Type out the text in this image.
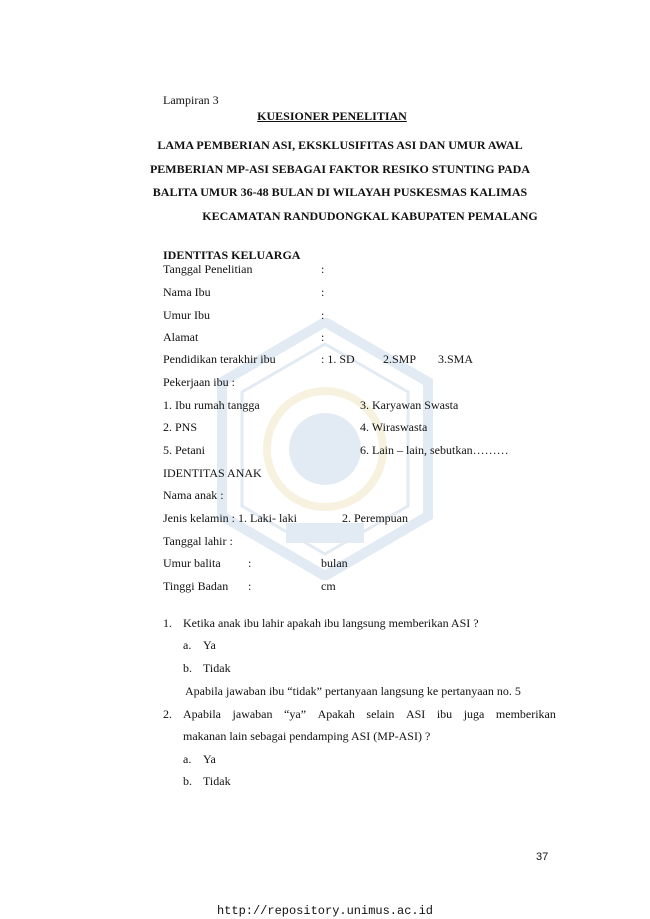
Lampiran 3
KUESIONER PENELITIAN
LAMA PEMBERIAN ASI, EKSKLUSIFITAS ASI DAN UMUR AWAL
PEMBERIAN MP-ASI SEBAGAI FAKTOR RESIKO STUNTING PADA
BALITA UMUR 36-48 BULAN DI WILAYAH PUSKESMAS KALIMAS
KECAMATAN RANDUDONGKAL KABUPATEN PEMALANG
IDENTITAS KELUARGA
Tanggal Penelitian	:
Nama Ibu	:
Umur Ibu	:
Alamat	:
Pendidikan terakhir ibu	: 1. SD 2.SMP 3.SMA
Pekerjaan ibu :
1. Ibu rumah tangga	3. Karyawan Swasta
2. PNS	4. Wiraswasta
5. Petani	6. Lain – lain, sebutkan………
IDENTITAS ANAK
Nama anak :
Jenis kelamin : 1. Laki- laki	2. Perempuan
Tanggal lahir :
Umur balita :	bulan
Tinggi Badan :	cm
1. Ketika anak ibu lahir apakah ibu langsung memberikan ASI ?
a. Ya
b. Tidak
Apabila jawaban ibu “tidak” pertanyaan langsung ke pertanyaan no. 5
2. Apabila jawaban “ya” Apakah selain ASI ibu juga memberikan
makanan lain sebagai pendamping ASI (MP-ASI) ?
a. Ya
b. Tidak
37
http://repository.unimus.ac.id
